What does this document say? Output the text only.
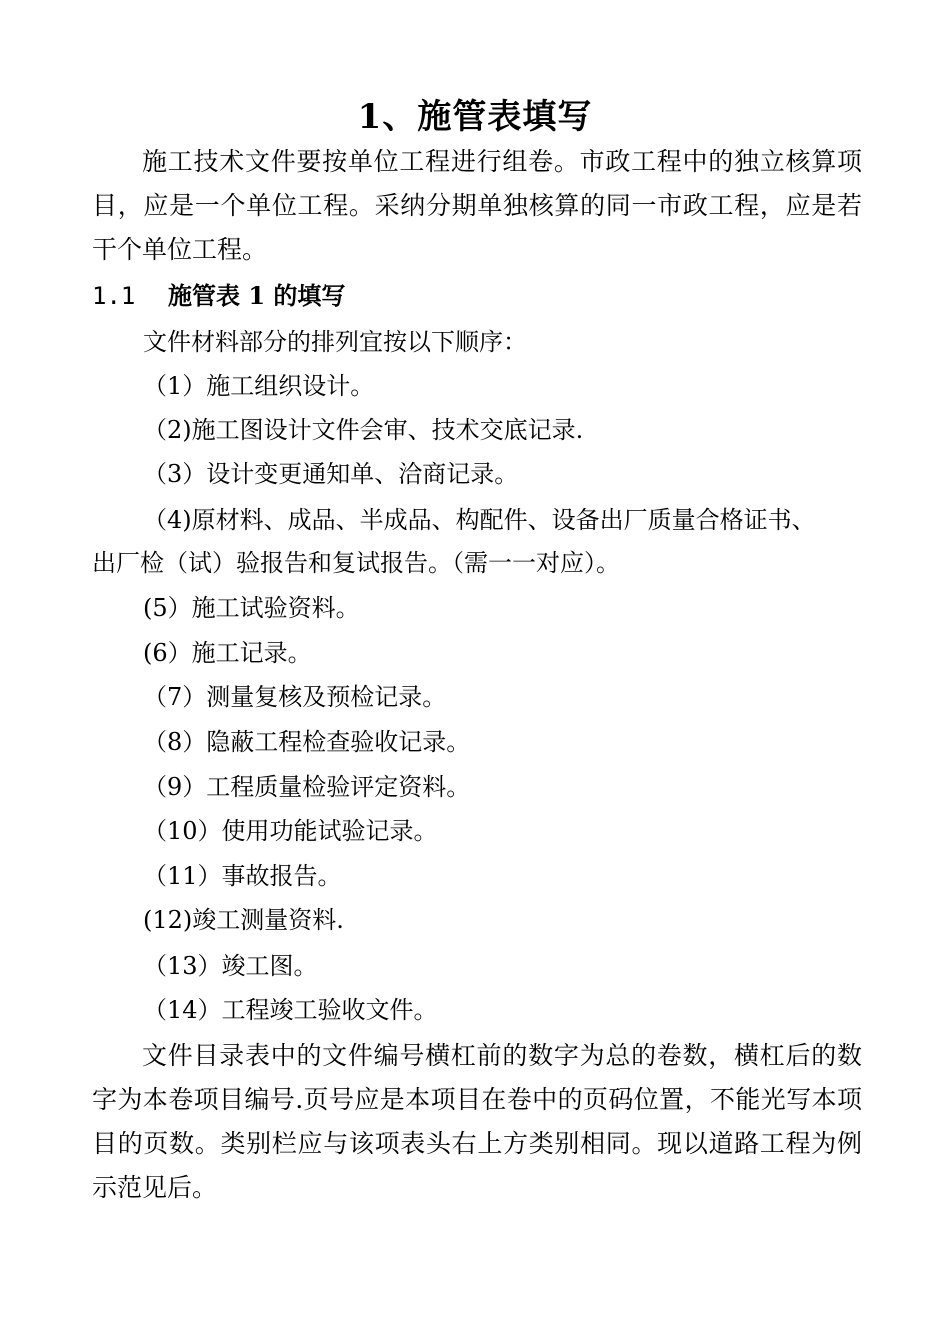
1、施管表填写

施工技术文件要按单位工程进行组卷。市政工程中的独立核算项目，应是一个单位工程。采纳分期单独核算的同一市政工程，应是若干个单位工程。

1.1 施管表 1 的填写
文件材料部分的排列宜按以下顺序：
（1）施工组织设计。
（2)施工图设计文件会审、技术交底记录.
（3）设计变更通知单、洽商记录。
（4)原材料、成品、半成品、构配件、设备出厂质量合格证书、
出厂检（试）验报告和复试报告。（需一一对应）。
(5）施工试验资料。
(6）施工记录。
（7）测量复核及预检记录。
（8）隐蔽工程检查验收记录。
（9）工程质量检验评定资料。
（10）使用功能试验记录。
（11）事故报告。
(12)竣工测量资料.
（13）竣工图。
（14）工程竣工验收文件。

文件目录表中的文件编号横杠前的数字为总的卷数，横杠后的数字为本卷项目编号.页号应是本项目在卷中的页码位置，不能光写本项目的页数。类别栏应与该项表头右上方类别相同。现以道路工程为例示范见后。
